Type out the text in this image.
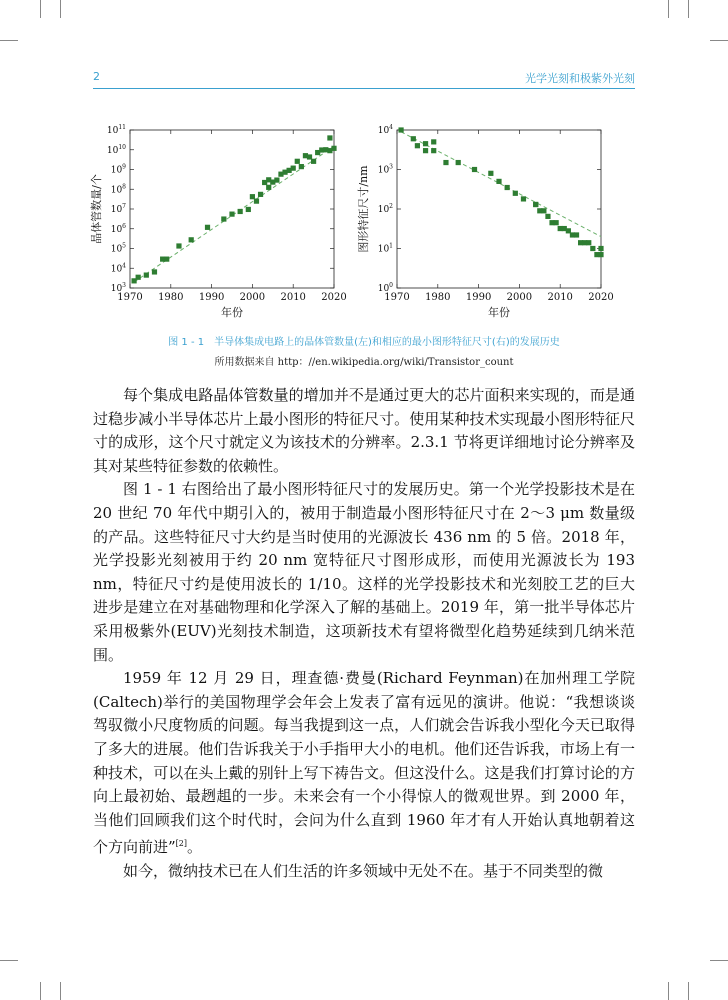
2	光学光刻和极紫外光刻
1970 1980 1990 2000 2010 2020
$10^3$
$10^4$
$10^5$
$10^6$
$10^7$
$10^8$
$10^9$
$10^{10}$
$10^{11}$
年份
晶体管数量/个
1970 1980 1990 2000 2010 2020
$10^0$
$10^1$
$10^2$
$10^3$
$10^4$
年份
图形特征尺寸/nm
图 1 - 1　半导体集成电路上的晶体管数量(左)和相应的最小图形特征尺寸(右)的发展历史
所用数据来自 http：//en.wikipedia.org/wiki/Transistor_count

每个集成电路晶体管数量的增加并不是通过更大的芯片面积来实现的，而是通过稳步减小半导体芯片上最小图形的特征尺寸。使用某种技术实现最小图形特征尺寸的成形，这个尺寸就定义为该技术的分辨率。2.3.1 节将更详细地讨论分辨率及其对某些特征参数的依赖性。

图 1 - 1 右图给出了最小图形特征尺寸的发展历史。第一个光学投影技术是在 20 世纪 70 年代中期引入的，被用于制造最小图形特征尺寸在 2～3 μm 数量级的产品。这些特征尺寸大约是当时使用的光源波长 436 nm 的 5 倍。2018 年，光学投影光刻被用于约 20 nm 宽特征尺寸图形成形，而使用光源波长为 193 nm，特征尺寸约是使用波长的 1/10。这样的光学投影技术和光刻胶工艺的巨大进步是建立在对基础物理和化学深入了解的基础上。2019 年，第一批半导体芯片采用极紫外(EUV)光刻技术制造，这项新技术有望将微型化趋势延续到几纳米范围。

1959 年 12 月 29 日，理查德·费曼(Richard Feynman)在加州理工学院(Caltech)举行的美国物理学会年会上发表了富有远见的演讲。他说：“我想谈谈驾驭微小尺度物质的问题。每当我提到这一点，人们就会告诉我小型化今天已取得了多大的进展。他们告诉我关于小手指甲大小的电机。他们还告诉我，市场上有一种技术，可以在头上戴的别针上写下祷告文。但这没什么。这是我们打算讨论的方向上最初始、最趔趄的一步。未来会有一个小得惊人的微观世界。到 2000 年，当他们回顾我们这个时代时，会问为什么直到 1960 年才有人开始认真地朝着这个方向前进”[2]。

如今，微纳技术已在人们生活的许多领域中无处不在。基于不同类型的微
